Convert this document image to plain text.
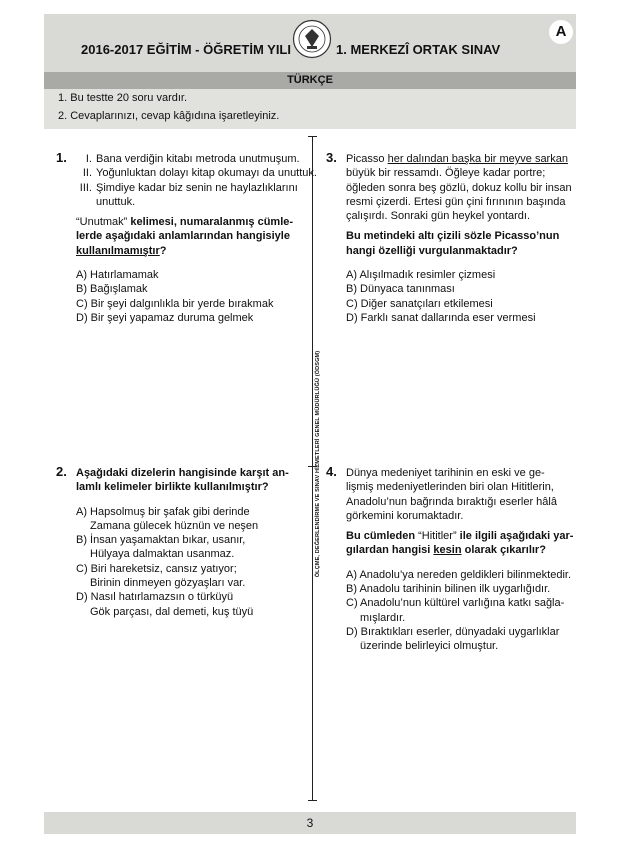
2016-2017 EĞİTİM - ÖĞRETİM YILI	1. MERKEZÎ ORTAK SINAV
A
TÜRKÇE
1. Bu testte 20 soru vardır.
2. Cevaplarınızı, cevap kâğıdına işaretleyiniz.
ÖLÇME, DEĞERLENDİRME VE SINAV HİZMETLERİ GENEL MÜDÜRLÜĞÜ (ÖDSGM)
1.	I. Bana verdiğin kitabı metroda unutmuşum.
II. Yoğunluktan dolayı kitap okumayı da unuttuk.
III. Şimdiye kadar biz senin ne haylazlıklarını
unuttuk.
“Unutmak” kelimesi, numaralanmış cümle-
lerde aşağıdaki anlamlarından hangisiyle
kullanılmamıştır?
A) Hatırlamamak
B) Bağışlamak
C) Bir şeyi dalgınlıkla bir yerde bırakmak
D) Bir şeyi yapamaz duruma gelmek
2. Aşağıdaki dizelerin hangisinde karşıt an-
lamlı kelimeler birlikte kullanılmıştır?
A) Hapsolmuş bir şafak gibi derinde
Zamana gülecek hüznün ve neşen
B) İnsan yaşamaktan bıkar, usanır,
Hülyaya dalmaktan usanmaz.
C) Biri hareketsiz, cansız yatıyor;
Birinin dinmeyen gözyaşları var.
D) Nasıl hatırlamazsın o türküyü
Gök parçası, dal demeti, kuş tüyü
3. Picasso her dalından başka bir meyve sarkan
büyük bir ressamdı. Öğleye kadar portre;
öğleden sonra beş gözlü, dokuz kollu bir insan
resmi çizerdi. Ertesi gün çini fırınının başında
çalışırdı. Sonraki gün heykel yontardı.
Bu metindeki altı çizili sözle Picasso’nun
hangi özelliği vurgulanmaktadır?
A) Alışılmadık resimler çizmesi
B) Dünyaca tanınması
C) Diğer sanatçıları etkilemesi
D) Farklı sanat dallarında eser vermesi
4. Dünya medeniyet tarihinin en eski ve ge-
lişmiş medeniyetlerinden biri olan Hititlerin,
Anadolu’nun bağrında bıraktığı eserler hâlâ
görkemini korumaktadır.
Bu cümleden “Hititler” ile ilgili aşağıdaki yar-
gılardan hangisi kesin olarak çıkarılır?
A) Anadolu’ya nereden geldikleri bilinmektedir.
B) Anadolu tarihinin bilinen ilk uygarlığıdır.
C) Anadolu’nun kültürel varlığına katkı sağla-
mışlardır.
D) Bıraktıkları eserler, dünyadaki uygarlıklar
üzerinde belirleyici olmuştur.
3
